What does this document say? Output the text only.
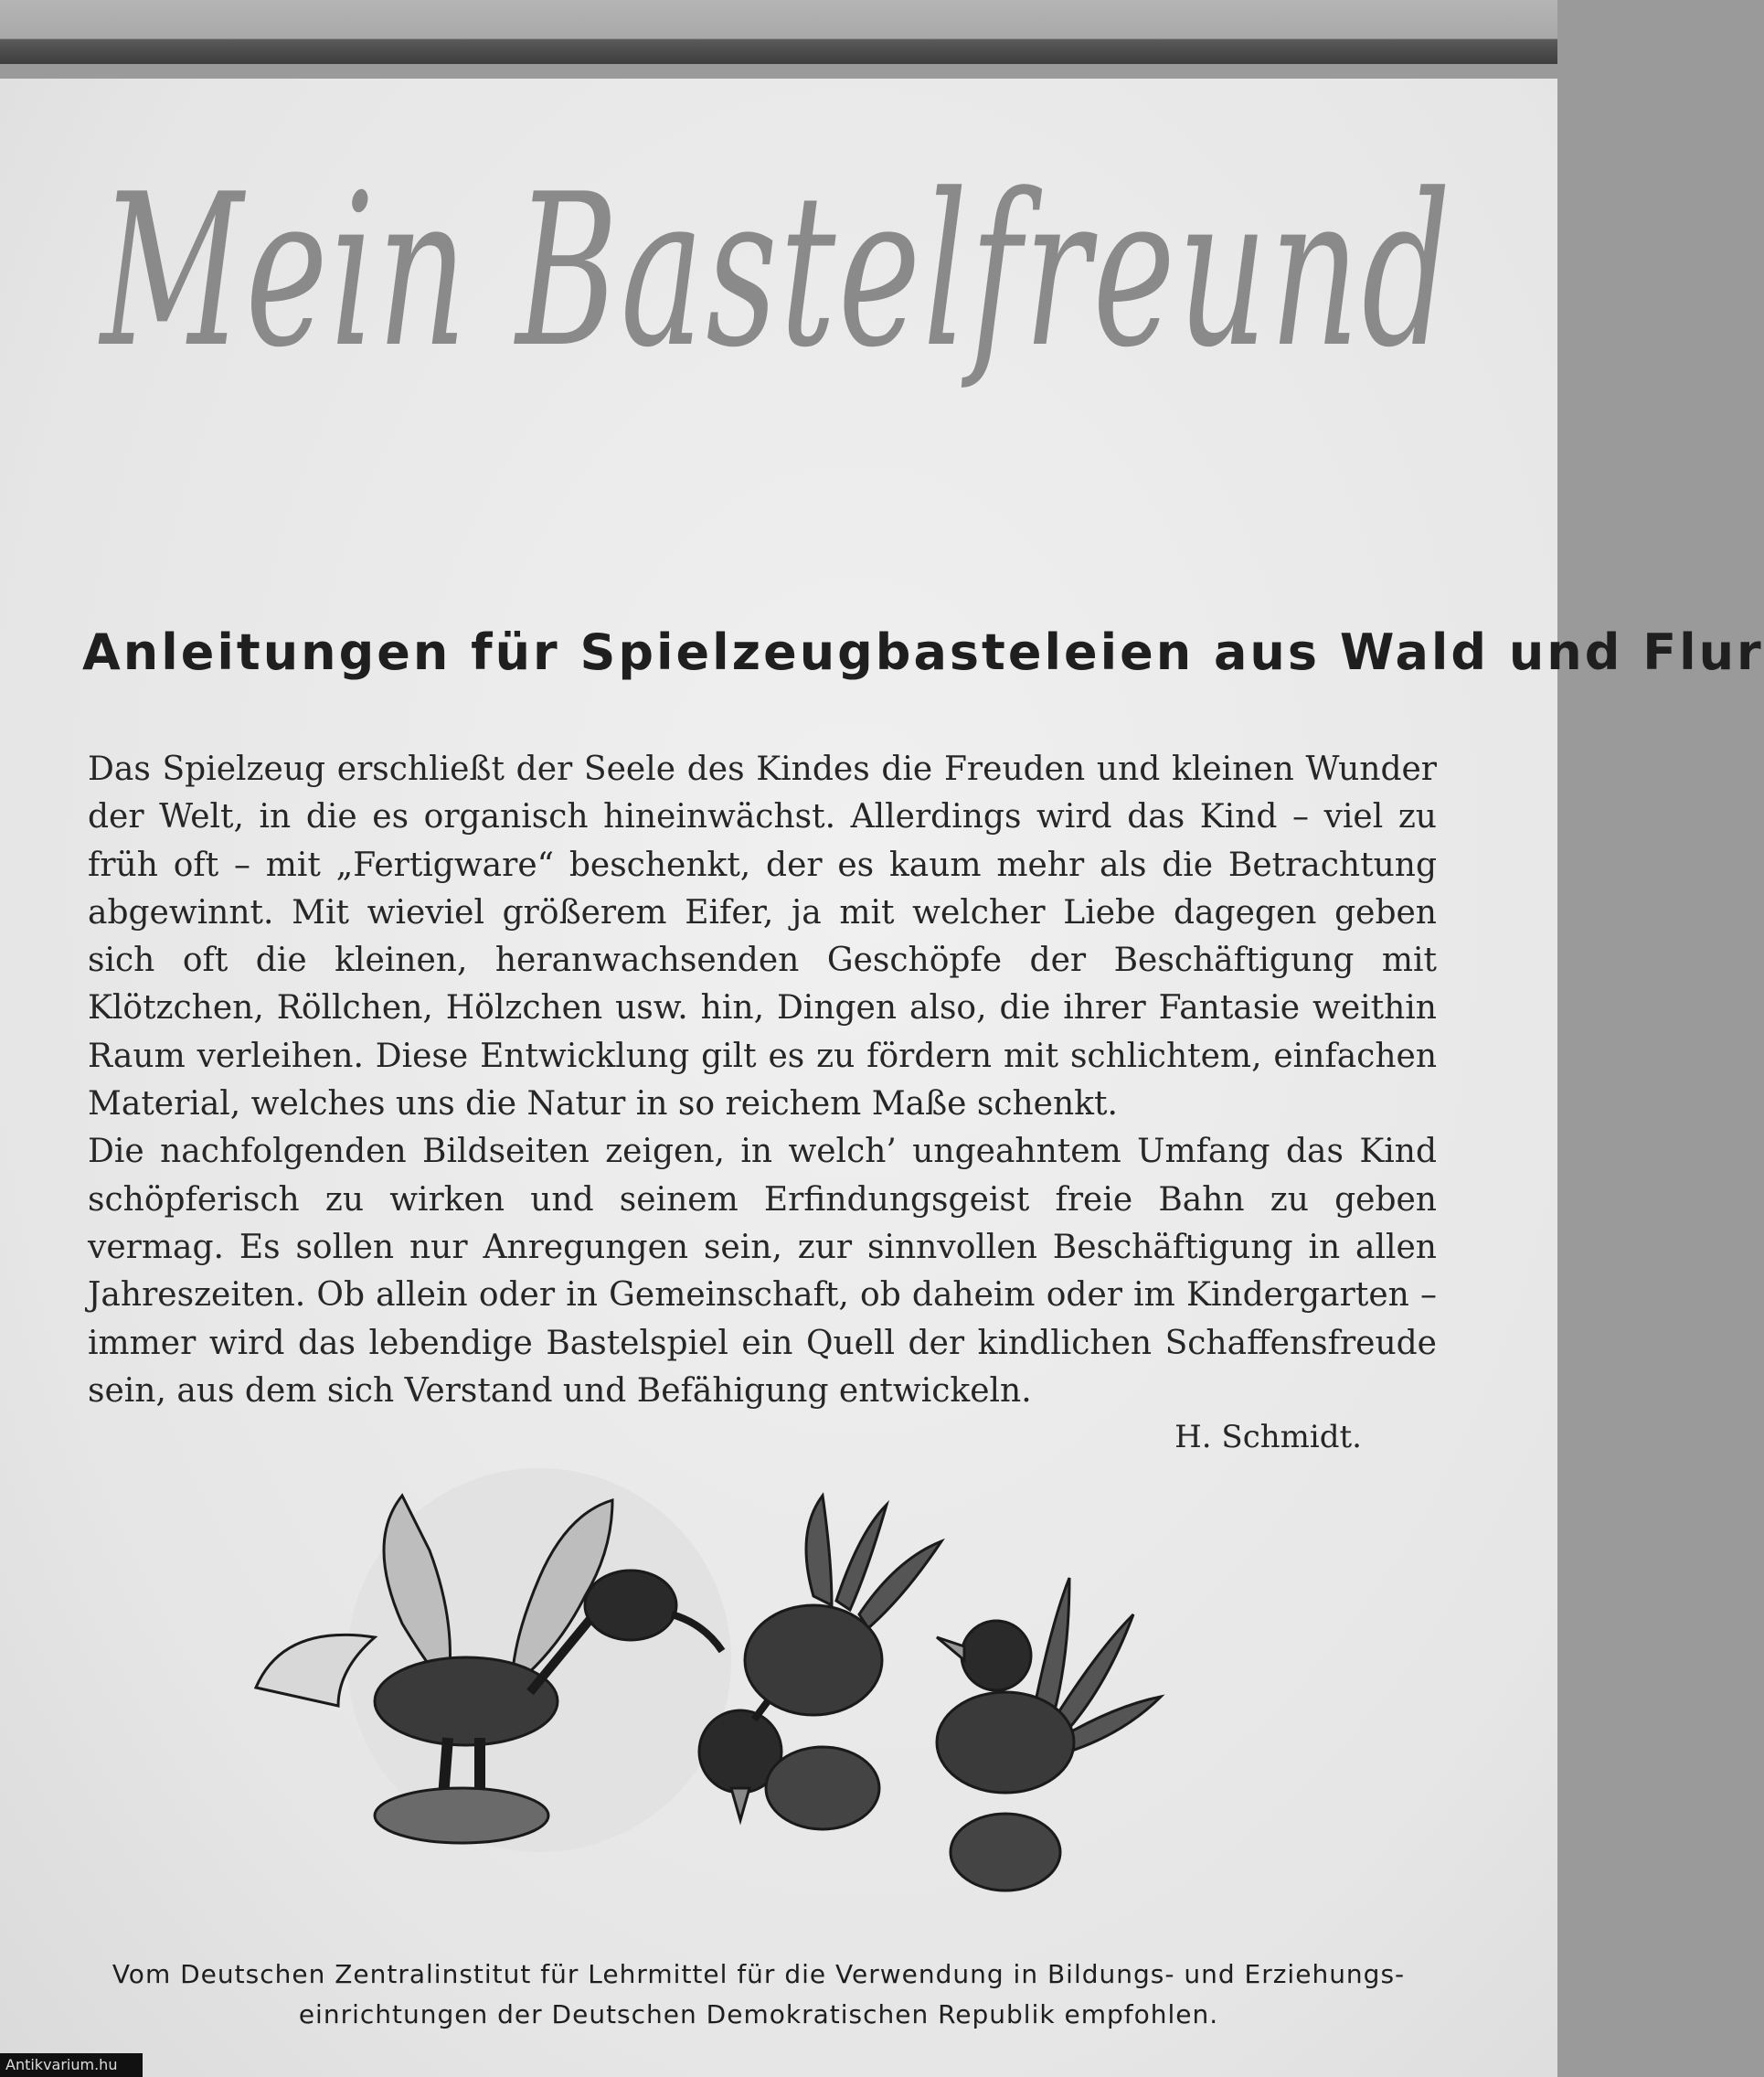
Mein Bastelfreund
Anleitungen für Spielzeugbasteleien aus Wald und Flur

Das Spielzeug erschließt der Seele des Kindes die Freuden und kleinen Wunder der Welt, in die es organisch hineinwächst. Allerdings wird das Kind – viel zu früh oft – mit „Fertigware“ beschenkt, der es kaum mehr als die Betrachtung abgewinnt. Mit wieviel größerem Eifer, ja mit welcher Liebe dagegen geben sich oft die kleinen, heranwachsenden Geschöpfe der Beschäftigung mit Klötzchen, Röllchen, Hölzchen usw. hin, Dingen also, die ihrer Fantasie weithin Raum verleihen. Diese Entwicklung gilt es zu fördern mit schlichtem, einfachen Material, welches uns die Natur in so reichem Maße schenkt.

Die nachfolgenden Bildseiten zeigen, in welch’ ungeahntem Umfang das Kind schöpferisch zu wirken und seinem Erfindungsgeist freie Bahn zu geben vermag. Es sollen nur Anregungen sein, zur sinnvollen Beschäftigung in allen Jahreszeiten. Ob allein oder in Gemeinschaft, ob daheim oder im Kindergarten – immer wird das lebendige Bastelspiel ein Quell der kindlichen Schaffensfreude sein, aus dem sich Verstand und Befähigung entwickeln.

H. Schmidt.

Vom Deutschen Zentralinstitut für Lehrmittel für die Verwendung in Bildungs- und Erziehungs-

einrichtungen der Deutschen Demokratischen Republik empfohlen.

Antikvarium.hu
